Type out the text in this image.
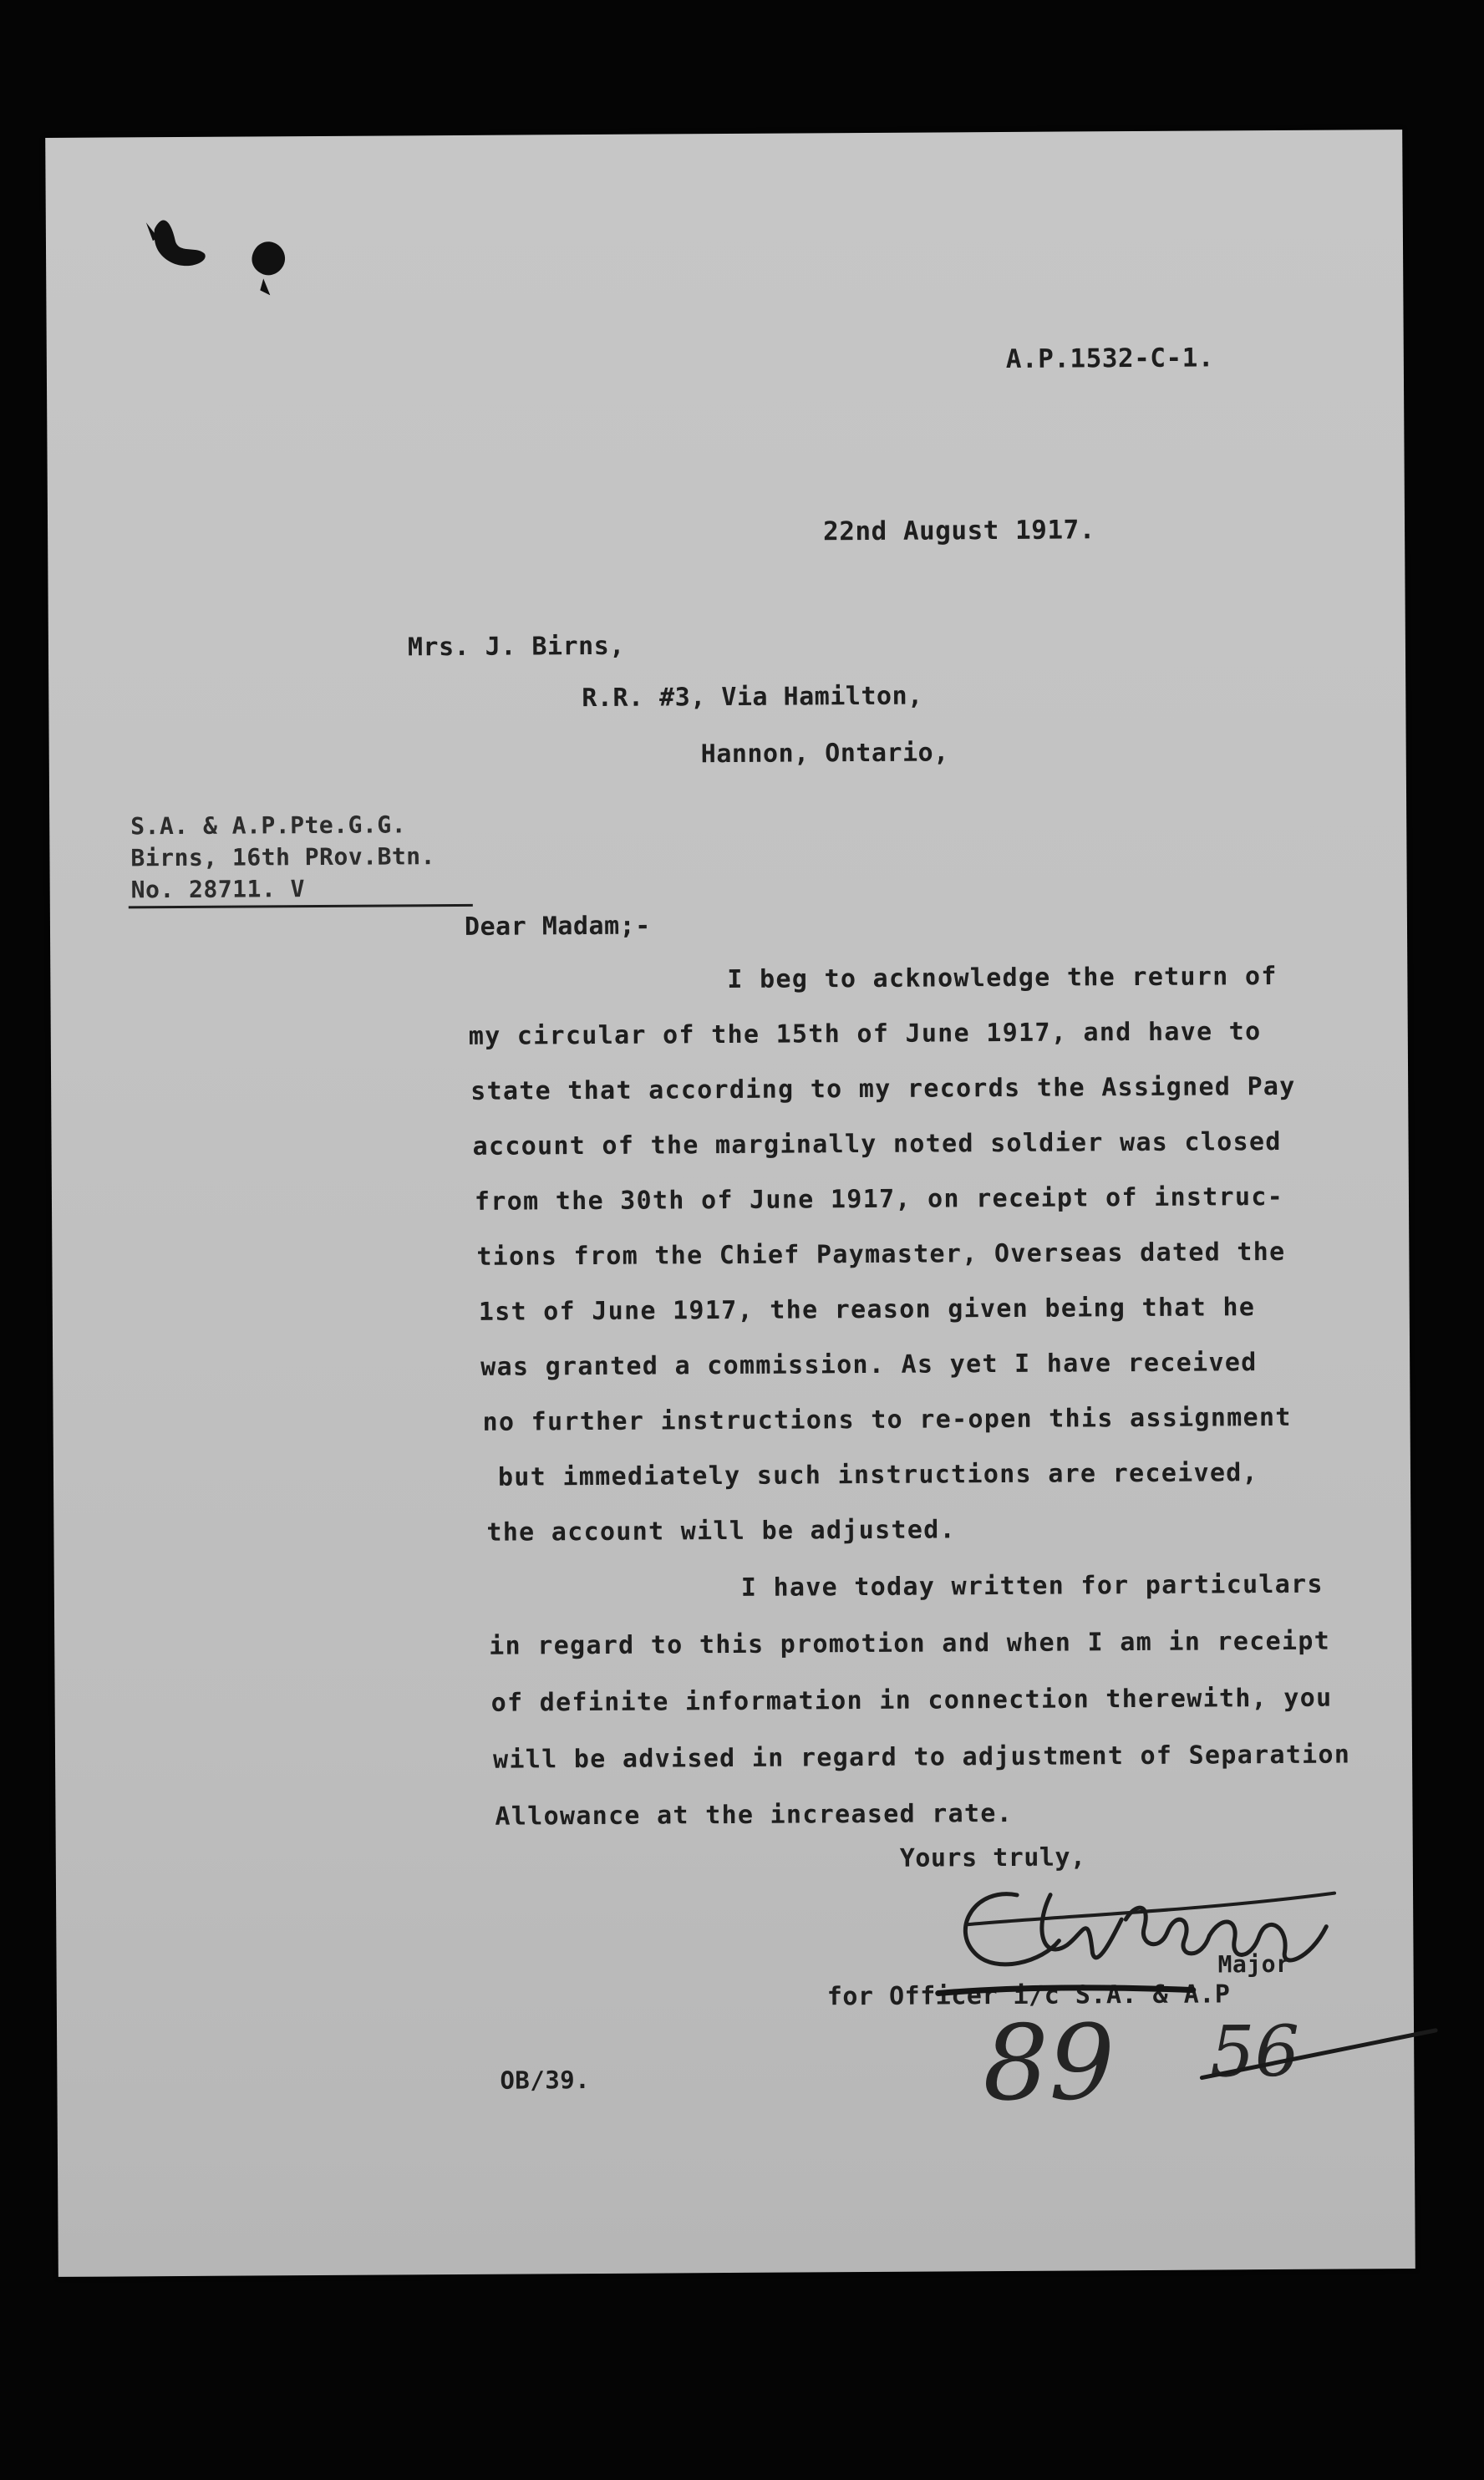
A.P.1532-C-1.
22nd August 1917.
Mrs. J. Birns,
R.R. #3, Via Hamilton,
Hannon, Ontario,
S.A. & A.P.Pte.G.G.
Birns, 16th PRov.Btn.
No. 28711. V
Dear Madam;-
I beg to acknowledge the return of
my circular of the 15th of June 1917, and have to
state that according to my records the Assigned Pay
account of the marginally noted soldier was closed
from the 30th of June 1917, on receipt of instruc-
tions from the Chief Paymaster, Overseas dated the
1st of June 1917, the reason given being that he
was granted a commission. As yet I have received
no further instructions to re-open this assignment
but immediately such instructions are received,
the account will be adjusted.
I have today written for particulars
in regard to this promotion and when I am in receipt
of definite information in connection therewith, you
will be advised in regard to adjustment of Separation
Allowance at the increased rate.
Yours truly,
Major
for Officer i/c S.A. & A.P
OB/39.	89 56
